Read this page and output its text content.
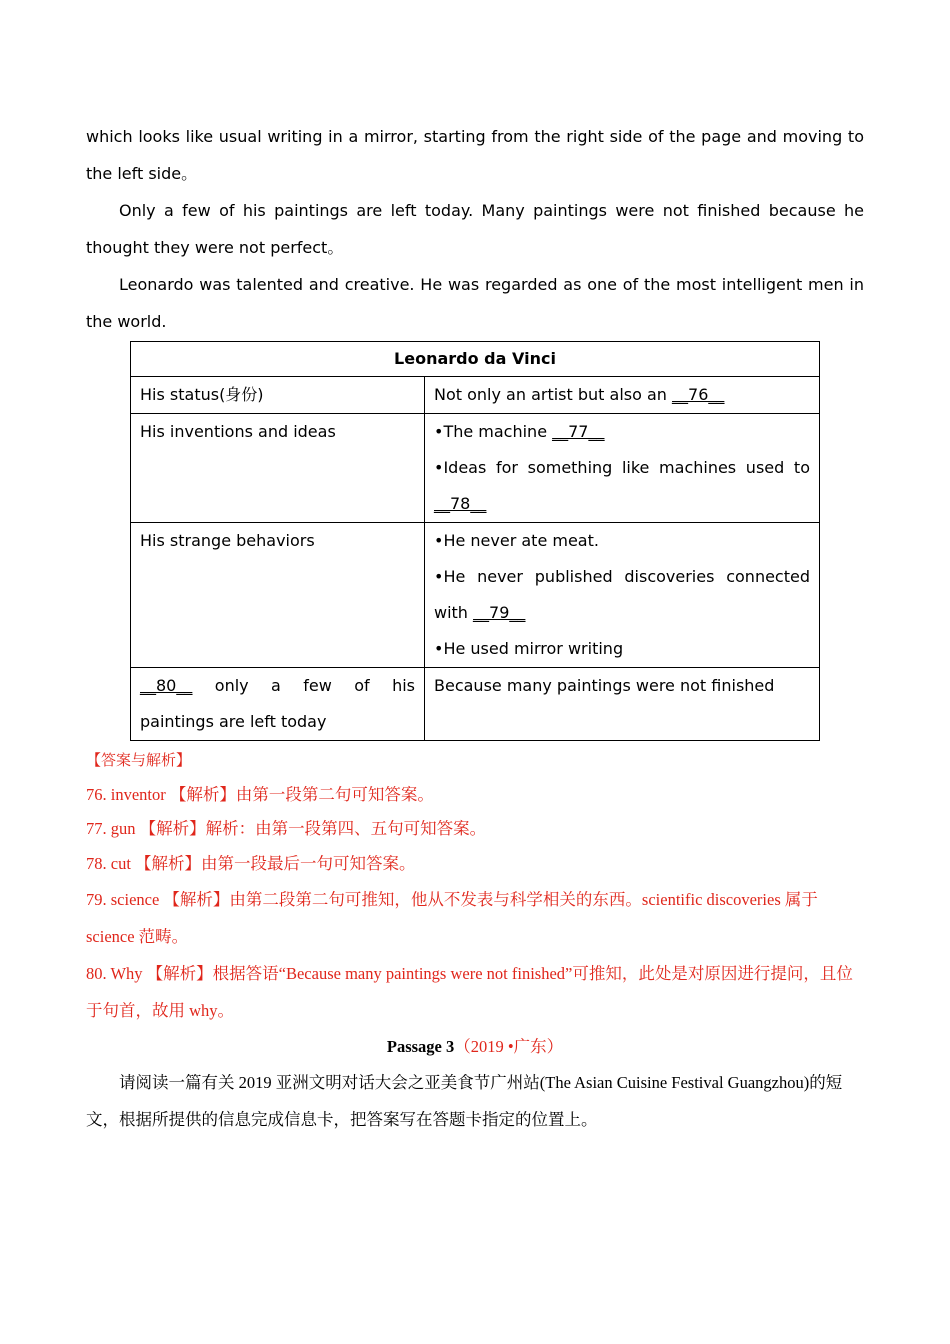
which looks like usual writing in a mirror, starting from the right side of the page and moving to the left side。

Only a few of his paintings are left today. Many paintings were not finished because he thought they were not perfect。

Leonardo was talented and creative. He was regarded as one of the most intelligent men in the world.

Leonardo da Vinci	
His status(身份)	Not only an artist but also an __76__
His inventions and ideas	•The machine __77__
•Ideas for something like machines used to
__78__

His strange behaviors	•He never ate meat.
•He never published discoveries connected
with __79__
•He used mirror writing

__80__ only a few of his
paintings are left today	Because many paintings were not finished

【答案与解析】

76. inventor 【解析】由第一段第二句可知答案。

77. gun 【解析】解析：由第一段第四、五句可知答案。

78. cut 【解析】由第一段最后一句可知答案。

79. science 【解析】由第二段第二句可推知，他从不发表与科学相关的东西。scientific discoveries 属于 science 范畴。

80. Why 【解析】根据答语“Because many paintings were not finished”可推知，此处是对原因进行提问，且位于句首，故用 why。

Passage 3（2019 •广东）

请阅读一篇有关 2019 亚洲文明对话大会之亚美食节广州站(The Asian Cuisine Festival Guangzhou)的短文，根据所提供的信息完成信息卡，把答案写在答题卡指定的位置上。
